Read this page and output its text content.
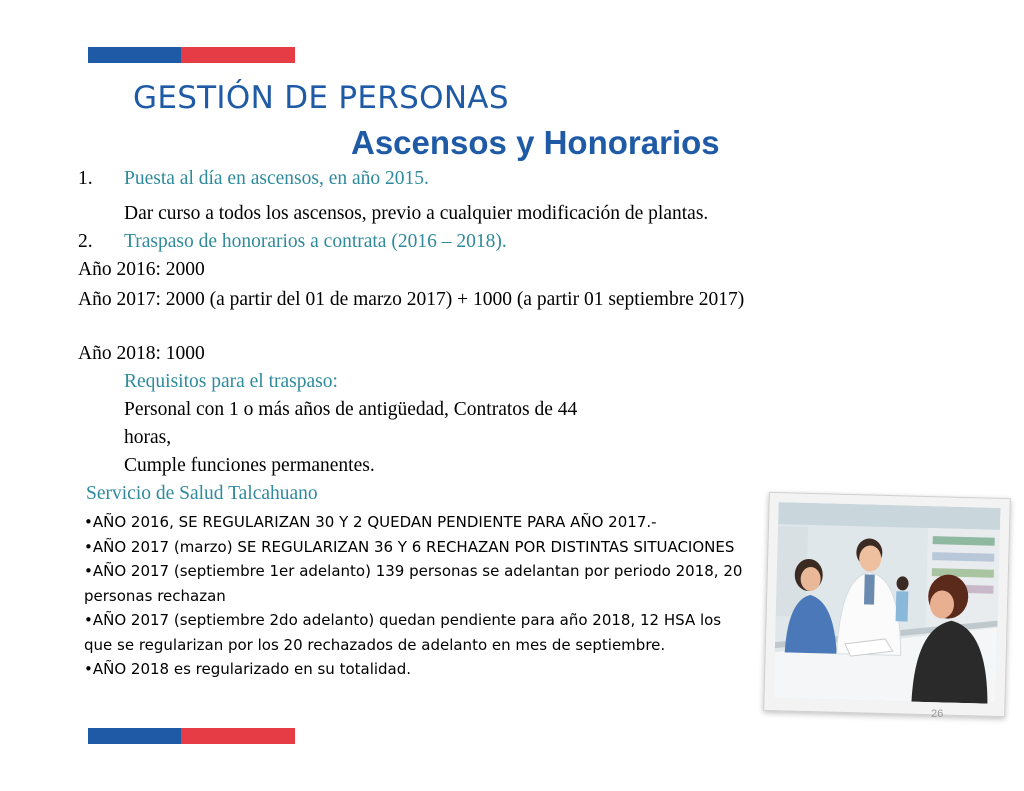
GESTIÓN DE PERSONAS
Ascensos y Honorarios
1. Puesta al día en ascensos, en año 2015.
Dar curso a todos los ascensos, previo a cualquier modificación de plantas.
2. Traspaso de honorarios a contrata (2016 – 2018).
Año 2016: 2000
Año 2017: 2000 (a partir del 01 de marzo 2017) + 1000 (a partir 01 septiembre 2017)
Año 2018: 1000
Requisitos para el traspaso:
Personal con 1 o más años de antigüedad, Contratos de 44
horas,
Cumple funciones permanentes.
Servicio de Salud Talcahuano

•AÑO 2016, SE REGULARIZAN 30 Y 2 QUEDAN PENDIENTE PARA AÑO 2017.-

•AÑO 2017 (marzo) SE REGULARIZAN 36 Y 6 RECHAZAN POR DISTINTAS SITUACIONES

•AÑO 2017 (septiembre 1er adelanto) 139 personas se adelantan por periodo 2018, 20 personas rechazan

•AÑO 2017 (septiembre 2do adelanto) quedan pendiente para año 2018, 12 HSA los que se regularizan por los 20 rechazados de adelanto en mes de septiembre.

•AÑO 2018 es regularizado en su totalidad.

26
